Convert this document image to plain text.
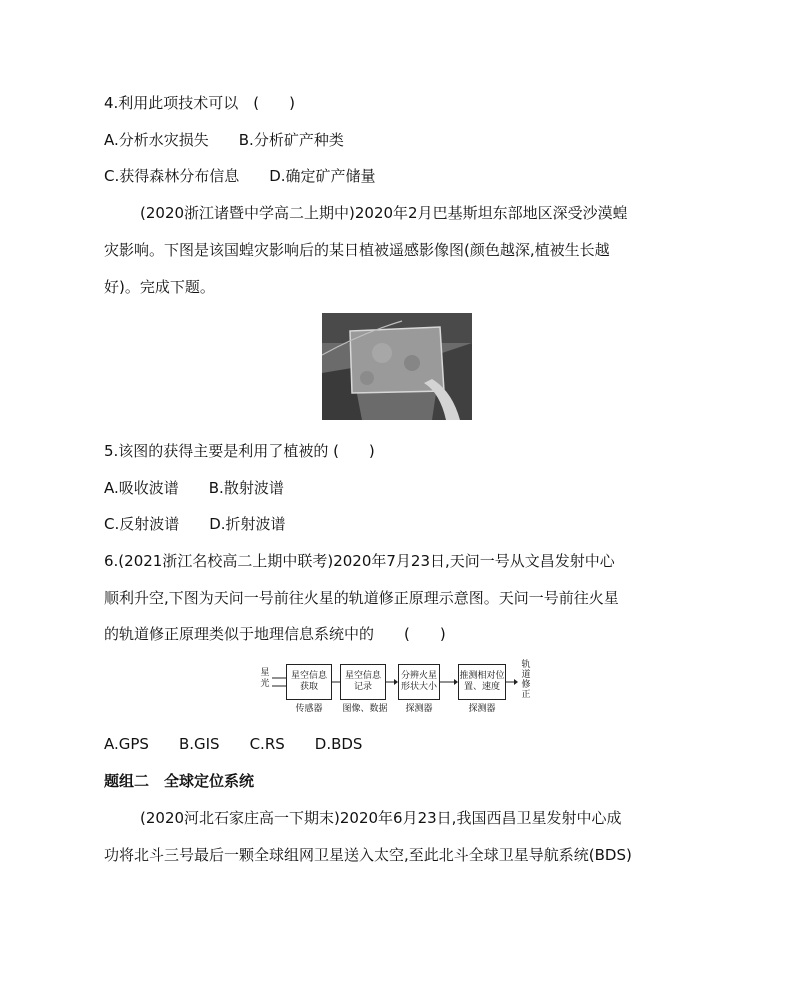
4.利用此项技术可以　(　　)
A.分析水灾损失　　B.分析矿产种类
C.获得森林分布信息　　D.确定矿产储量
(2020浙江诸暨中学高二上期中)2020年2月巴基斯坦东部地区深受沙漠蝗
灾影响。下图是该国蝗灾影响后的某日植被遥感影像图(颜色越深,植被生长越
好)。完成下题。
5.该图的获得主要是利用了植被的 (　　)
A.吸收波谱　　B.散射波谱
C.反射波谱　　D.折射波谱
6.(2021浙江名校高二上期中联考)2020年7月23日,天问一号从文昌发射中心
顺利升空,下图为天问一号前往火星的轨道修正原理示意图。天问一号前往火星
的轨道修正原理类似于地理信息系统中的　　(　　)
星光
星空信息获取
星空信息记录
分辨火星形状大小
推测相对位置、速度
轨道修正
传感器	图像、数据	探测器	探测器
A.GPS　　B.GIS　　C.RS　　D.BDS
题组二　全球定位系统
(2020河北石家庄高一下期末)2020年6月23日,我国西昌卫星发射中心成
功将北斗三号最后一颗全球组网卫星送入太空,至此北斗全球卫星导航系统(BDS)
